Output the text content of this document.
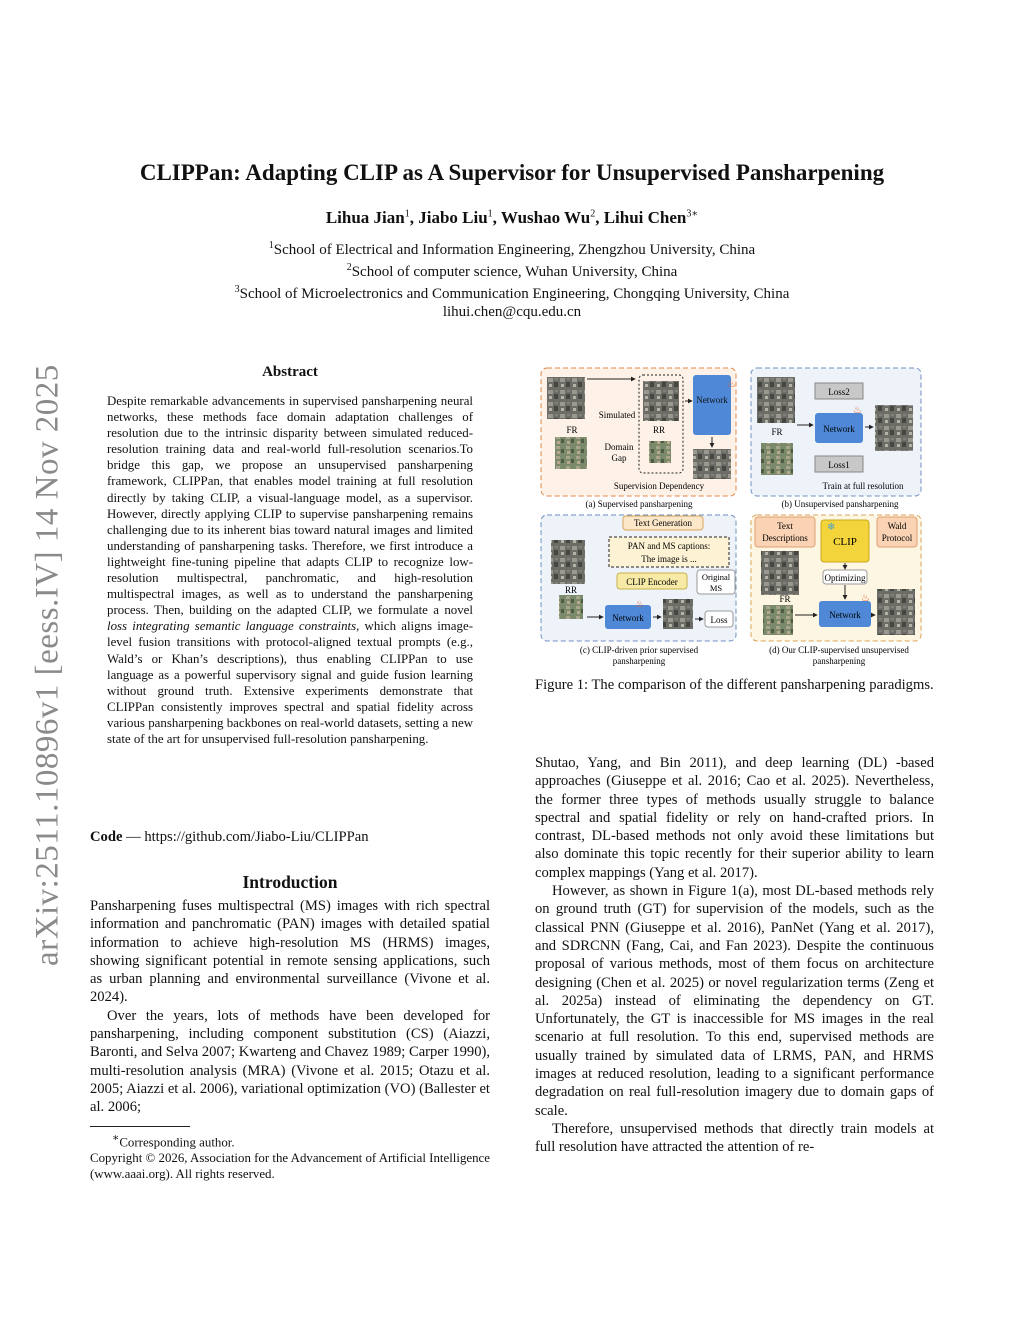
arXiv:2511.10896v1 [eess.IV] 14 Nov 2025
CLIPPan: Adapting CLIP as A Supervisor for Unsupervised Pansharpening
Lihua Jian$^1$, Jiabo Liu$^1$, Wushao Wu$^2$, Lihui Chen$^{3∗}$
$^1$School of Electrical and Information Engineering, Zhengzhou University, China
$^2$School of computer science, Wuhan University, China
$^3$School of Microelectronics and Communication Engineering, Chongqing University, China
lihui.chen@cqu.edu.cn
Abstract
Despite remarkable advancements in supervised pansharpening neural networks, these methods face domain adaptation challenges of resolution due to the intrinsic disparity between simulated reduced-resolution training data and real-world full-resolution scenarios.To bridge this gap, we propose an unsupervised pansharpening framework, CLIPPan, that enables model training at full resolution directly by taking CLIP, a visual-language model, as a supervisor. However, directly applying CLIP to supervise pansharpening remains challenging due to its inherent bias toward natural images and limited understanding of pansharpening tasks. Therefore, we first introduce a lightweight fine-tuning pipeline that adapts CLIP to recognize low-resolution multispectral, panchromatic, and high-resolution multispectral images, as well as to understand the pansharpening process. Then, building on the adapted CLIP, we formulate a novel loss integrating semantic language constraints, which aligns image-level fusion transitions with protocol-aligned textual prompts (e.g., Wald’s or Khan’s descriptions), thus enabling CLIPPan to use language as a powerful supervisory signal and guide fusion learning without ground truth. Extensive experiments demonstrate that CLIPPan consistently improves spectral and spatial fidelity across various pansharpening backbones on real-world datasets, setting a new state of the art for unsupervised full-resolution pansharpening.
Code — https://github.com/Jiabo-Liu/CLIPPan
Introduction

Pansharpening fuses multispectral (MS) images with rich spectral information and panchromatic (PAN) images with detailed spatial information to achieve high-resolution MS (HRMS) images, showing significant potential in remote sensing applications, such as urban planning and environmental surveillance (Vivone et al. 2024).

Over the years, lots of methods have been developed for pansharpening, including component substitution (CS) (Aiazzi, Baronti, and Selva 2007; Kwarteng and Chavez 1989; Carper 1990), multi-resolution analysis (MRA) (Vivone et al. 2015; Otazu et al. 2005; Aiazzi et al. 2006), variational optimization (VO) (Ballester et al. 2006;

∗Corresponding author.
Copyright © 2026, Association for the Advancement of Artificial Intelligence (www.aaai.org). All rights reserved.
FR	RR
Simulated
Domain
Gap
Network
♨
Supervision Dependency
(a) Supervised pansharpening
FR
Loss2
Network
♨
Loss1
Train at full resolution
(b) Unsupervised pansharpening
RR
Text Generation
PAN and MS captions:
The image is ...
CLIP Encoder	Original
MS
Network
♨
Loss
(c) CLIP-driven prior supervised
pansharpening
Text
Descriptions CLIP
❄	Wald
Protocol
FR
Optimizing
Network
♨
(d) Our CLIP-supervised unsupervised
pansharpening
Figure 1: The comparison of the different pansharpening paradigms.

Shutao, Yang, and Bin 2011), and deep learning (DL) -based approaches (Giuseppe et al. 2016; Cao et al. 2025). Nevertheless, the former three types of methods usually struggle to balance spectral and spatial fidelity or rely on hand-crafted priors. In contrast, DL-based methods not only avoid these limitations but also dominate this topic recently for their superior ability to learn complex mappings (Yang et al. 2017).

However, as shown in Figure 1(a), most DL-based methods rely on ground truth (GT) for supervision of the models, such as the classical PNN (Giuseppe et al. 2016), PanNet (Yang et al. 2017), and SDRCNN (Fang, Cai, and Fan 2023). Despite the continuous proposal of various methods, most of them focus on architecture designing (Chen et al. 2025) or novel regularization terms (Zeng et al. 2025a) instead of eliminating the dependency on GT. Unfortunately, the GT is inaccessible for MS images in the real scenario at full resolution. To this end, supervised methods are usually trained by simulated data of LRMS, PAN, and HRMS images at reduced resolution, leading to a significant performance degradation on real full-resolution imagery due to domain gaps of scale.

Therefore, unsupervised methods that directly train models at full resolution have attracted the attention of re-
